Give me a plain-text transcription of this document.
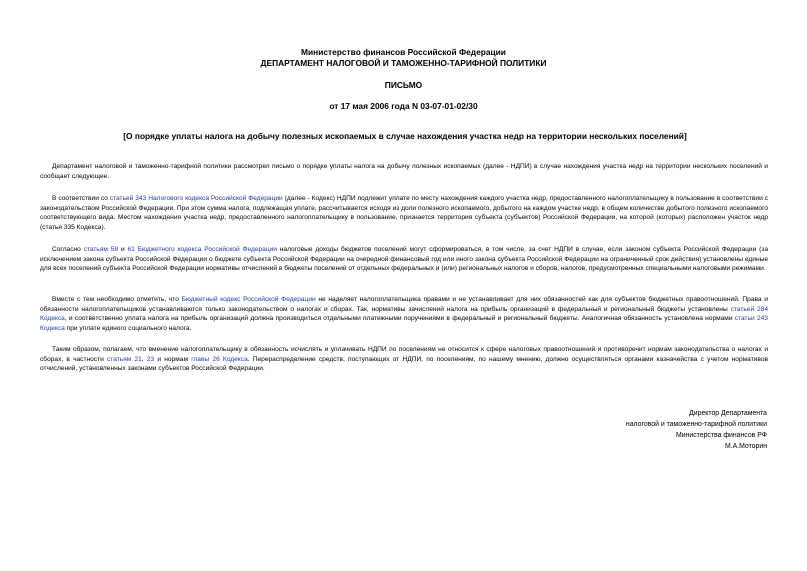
Министерство финансов Российской Федерации
ДЕПАРТАМЕНТ НАЛОГОВОЙ И ТАМОЖЕННО-ТАРИФНОЙ ПОЛИТИКИ
ПИСЬМО
от 17 мая 2006 года N 03-07-01-02/30
[О порядке уплаты налога на добычу полезных ископаемых в случае нахождения участка недр на территории нескольких поселений]

Департамент налоговой и таможенно-тарифной политики рассмотрел письмо о порядке уплаты налога на добычу полезных ископаемых (далее - НДПИ) в случае нахождения участка недр на территории нескольких поселений и сообщает следующее.

В соответствии со статьей 343 Налогового кодекса Российской Федерации (далее - Кодекс) НДПИ подлежит уплате по месту нахождения каждого участка недр, предоставленного налогоплательщику в пользование в соответствии с законодательством Российской Федерации. При этом сумма налога, подлежащая уплате, рассчитывается исходя из доли полезного ископаемого, добытого на каждом участке недр, в общем количестве добытого полезного ископаемого соответствующего вида. Местом нахождения участка недр, предоставленного налогоплательщику в пользование, признается территория субъекта (субъектов) Российской Федерации, на которой (которых) расположен участок недр (статья 335 Кодекса).

Согласно статьям 58 и 61 Бюджетного кодекса Российской Федерации налоговые доходы бюджетов поселений могут сформироваться, в том числе, за счет НДПИ в случае, если законом субъекта Российской Федерации (за исключением закона субъекта Российской Федерации о бюджете субъекта Российской Федерации на очередной финансовый год или иного закона субъекта Российской Федерации на ограниченный срок действия) установлены единые для всех поселений субъекта Российской Федерации нормативы отчислений в бюджеты поселений от отдельных федеральных и (или) региональных налогов и сборов, налогов, предусмотренных специальными налоговыми режимами.

Вместе с тем необходимо отметить, что Бюджетный кодекс Российской Федерации не наделяет налогоплательщика правами и не устанавливает для них обязанностей как для субъектов бюджетных правоотношений. Права и обязанности налогоплательщиков устанавливаются только законодательством о налогах и сборах. Так, нормативы зачислений налога на прибыль организаций в федеральный и региональный бюджеты установлены статьей 284 Кодекса, и соответственно уплата налога на прибыль организаций должна производиться отдельными платежными поручениями в федеральный и региональный бюджеты. Аналогичная обязанность установлена нормами статьи 243 Кодекса при уплате единого социального налога.

Таким образом, полагаем, что вменение налогоплательщику в обязанность исчислять и уплачивать НДПИ по поселениям не относится к сфере налоговых правоотношений и противоречит нормам законодательства о налогах и сборах, в частности статьям 21, 23 и нормам главы 26 Кодекса. Перераспределение средств, поступающих от НДПИ, по поселениям, по нашему мнению, должно осуществляться органами казначейства с учетом нормативов отчислений, установленных законами субъектов Российской Федерации.

Директор Департамента
налоговой и таможенно-тарифной политики
Министерства финансов РФ
М.А.Моторин
